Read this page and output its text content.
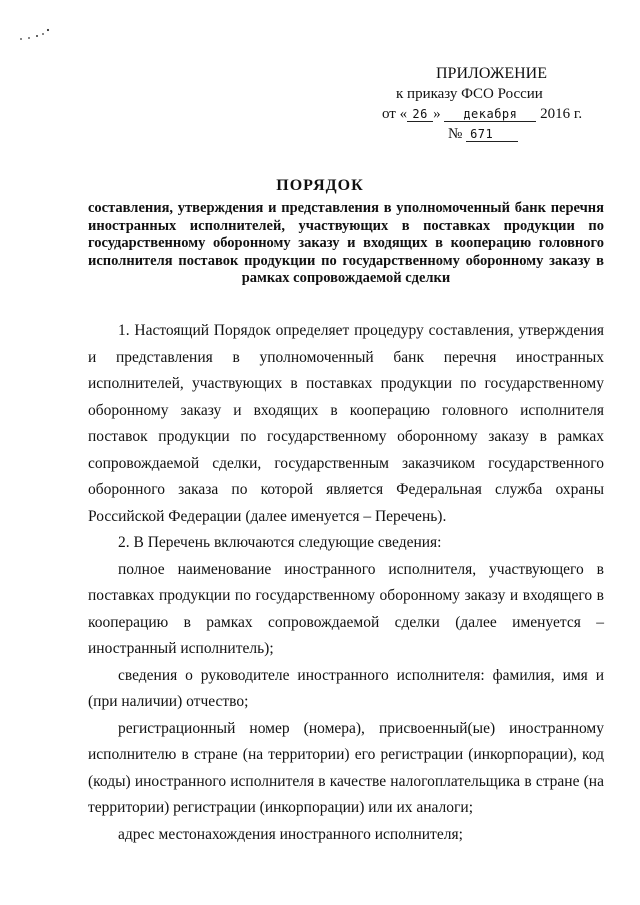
ПРИЛОЖЕНИЕ
к приказу ФСО России
от « 26 » декабря 2016 г.
№ 671
ПОРЯДОК
составления, утверждения и представления в уполномоченный банк перечня иностранных исполнителей, участвующих в поставках продукции по государственному оборонному заказу и входящих в кооперацию головного исполнителя поставок продукции по государственному оборонному заказу в рамках сопровождаемой сделки

1. Настоящий Порядок определяет процедуру составления, утверждения и представления в уполномоченный банк перечня иностранных исполнителей, участвующих в поставках продукции по государственному оборонному заказу и входящих в кооперацию головного исполнителя поставок продукции по государственному оборонному заказу в рамках сопровождаемой сделки, государственным заказчиком государственного оборонного заказа по которой является Федеральная служба охраны Российской Федерации (далее именуется – Перечень).

2. В Перечень включаются следующие сведения:

полное наименование иностранного исполнителя, участвующего в поставках продукции по государственному оборонному заказу и входящего в кооперацию в рамках сопровождаемой сделки (далее именуется – иностранный исполнитель);

сведения о руководителе иностранного исполнителя: фамилия, имя и (при наличии) отчество;

регистрационный номер (номера), присвоенный(ые) иностранному исполнителю в стране (на территории) его регистрации (инкорпорации), код (коды) иностранного исполнителя в качестве налогоплательщика в стране (на территории) регистрации (инкорпорации) или их аналоги;

адрес местонахождения иностранного исполнителя;
